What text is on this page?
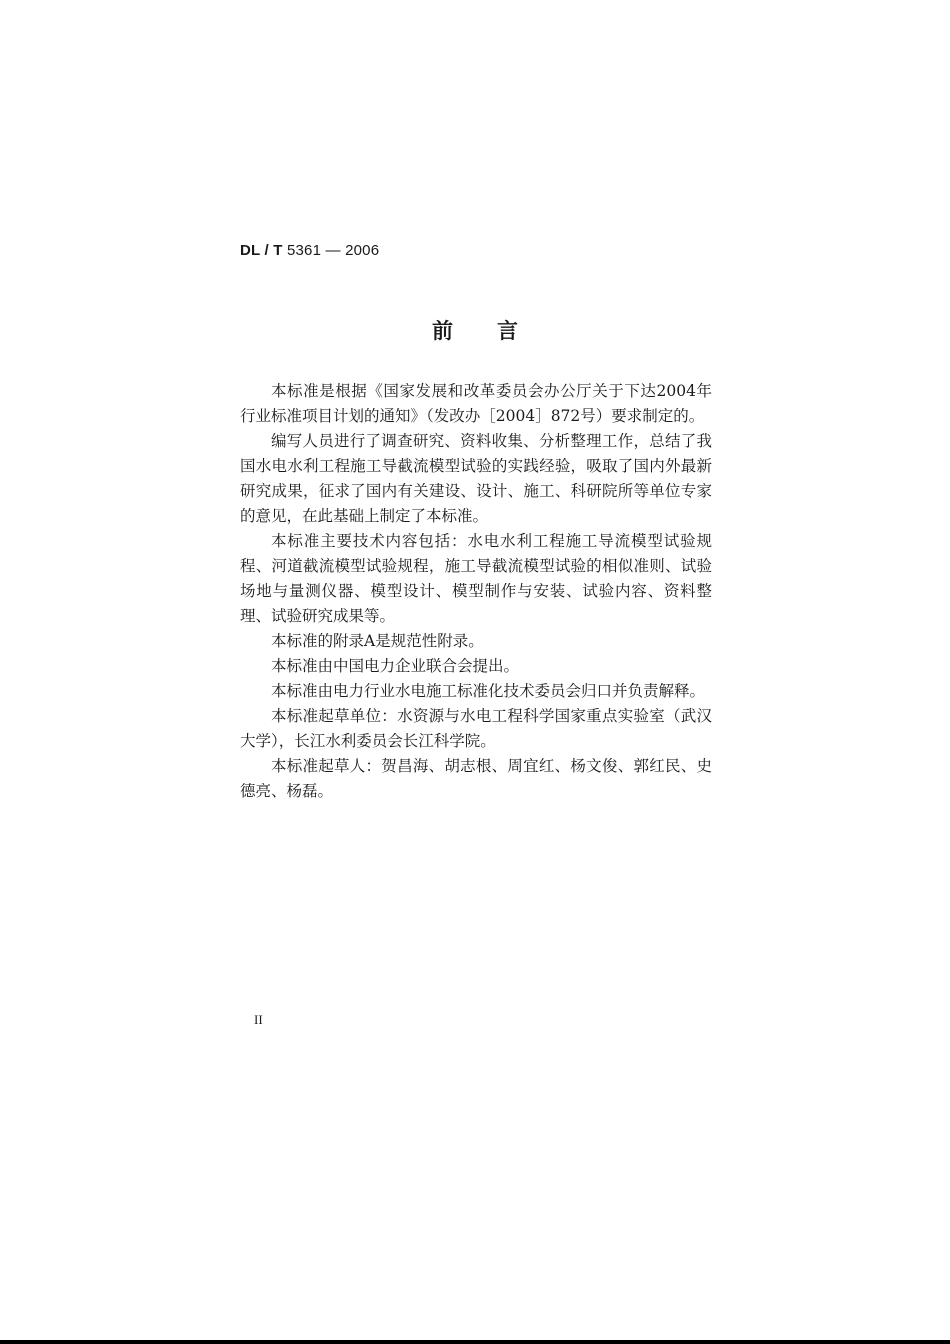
DL / T 5361 — 2006
前 言

本标准是根据《国家发展和改革委员会办公厅关于下达2004年行业标准项目计划的通知》（发改办［2004］872号）要求制定的。

编写人员进行了调查研究、资料收集、分析整理工作，总结了我国水电水利工程施工导截流模型试验的实践经验，吸取了国内外最新研究成果，征求了国内有关建设、设计、施工、科研院所等单位专家的意见，在此基础上制定了本标准。

本标准主要技术内容包括：水电水利工程施工导流模型试验规程、河道截流模型试验规程，施工导截流模型试验的相似准则、试验场地与量测仪器、模型设计、模型制作与安装、试验内容、资料整理、试验研究成果等。

本标准的附录A是规范性附录。

本标准由中国电力企业联合会提出。

本标准由电力行业水电施工标准化技术委员会归口并负责解释。

本标准起草单位：水资源与水电工程科学国家重点实验室（武汉大学），长江水利委员会长江科学院。

本标准起草人：贺昌海、胡志根、周宜红、杨文俊、郭红民、史德亮、杨磊。

II
